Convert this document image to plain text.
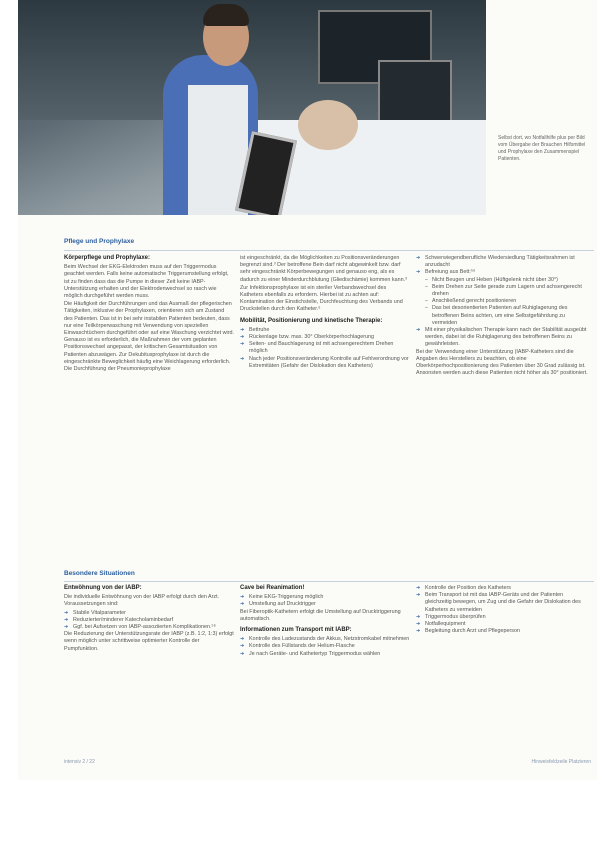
Selbst dort, wo Notfallhilfe plus per Bild vom Übergabe der Brauchen Hilfsmittel und Prophylaxe den Zusammenspiel Patienten.
Pflege und Prophylaxe
Körperpflege und Prophylaxe:

Beim Wechsel der EKG-Elektroden muss auf den Triggermodus geachtet werden. Falls keine automatische Triggerumstellung erfolgt, ist zu finden dass das die Pumpe in dieser Zeit keine IABP-Unterstützung erhalten und der Elektrodenwechsel so rasch wie möglich durchgeführt werden muss.

Die Häufigkeit der Durchführungen und das Ausmaß der pflegerischen Tätigkeiten, inklusive der Prophylaxen, orientieren sich am Zustand des Patienten. Das ist in bei sehr instabilen Patienten bedeuten, dass nur eine Teilkörperwaschung mit Verwendung von speziellen Einwaschtüchern durchgeführt oder auf eine Waschung verzichtet wird. Genauso ist es erforderlich, die Maßnahmen der vom geplanten Positionswechsel angepasst, der kritischen Gesamtsituation von Patienten abzuwägen. Zur Dekubitusprophylaxe ist durch die eingeschränkte Beweglichkeit häufig eine Weichlagerung erforderlich. Die Durchführung der Pneumonieprophylaxe

ist eingeschränkt, da die Möglichkeiten zu Positionsveränderungen begrenzt sind.³ Der betroffene Bein darf nicht abgewinkelt bzw. darf sehr eingeschränkt Körperbewegungen und genauso eng, als es dadurch zu einer Minderdurchblutung (Gliedischämie) kommen kann.³

Zur Infektionsprophylaxe ist ein steriler Verbandswechsel des Katheters ebenfalls zu erfordern. Hierbei ist zu achten auf: Kontamination der Einstichstelle, Durchfeuchtung des Verbands und Druckstellen durch den Katheter.⁶

Mobilität, Positionierung und kinetische Therapie:
➜ Bettruhe
➜ Rückenlage bzw. max. 30° Oberkörperhochlagerung
➜ Seiten- und Bauchlagerung ist mit achsengerechtem Drehen möglich
➜ Nach jeder Positionsveränderung Kontrolle auf Fehlverordnung vor Extremitäten (Gefahr der Dislokation des Katheters)
➜ Schwerwiegendberufliche Wiedersiedlung Tätigkeitsrahmen ist anzudacht
➜ Befreiung aus Bett:⁵⁶
– Nicht Beugen und Heben (Hüftgelenk nicht über 30°)
– Beim Drehen zur Seite gerade zum Lagern und achsengerecht drehen
– Anschließend gerecht positionieren
– Das bei desorientierten Patienten auf Ruhiglagerung des betroffenen Beins achten, um eine Selbstgefährdung zu vermeiden
➜ Mit einer physikalischen Therapie kann nach der Stabilität ausgeübt werden, dabei ist die Ruhiglagerung des betroffenen Beins zu gewährleisten.

Bei der Verwendung einer Unterstützung (IABP-Katheters sind die Angaben des Herstellers zu beachten, ob eine Oberkörperhochpositionierung des Patienten über 30 Grad zulässig ist. Ansonsten werden auch diese Patienten nicht höher als 30° positioniert.

Besondere Situationen
Entwöhnung von der IABP:

Die individuelle Entwöhnung von der IABP erfolgt durch den Arzt. Voraussetzungen sind:

➜ Stabile Vitalparameter
➜ Reduzierter/minderer Katecholaminbedarf
➜ Ggf. bei Aufsetzen von IABP-assoziierten Komplikationen.⁵⁶

Die Reduzierung der Unterstützungsrate der IABP (z.B. 1:2, 1:3) erfolgt wenn möglich unter schrittweise optimierter Kontrolle der Pumpfunktion.

Cave bei Reanimation!
➜ Keine EKG-Triggerung möglich
➜ Umstellung auf Drucktrigger

Bei Fiberoptik-Kathetern erfolgt die Umstellung auf Drucktriggerung automatisch.

Informationen zum Transport mit IABP:
➜ Kontrolle des Ladezustands der Akkus, Netzstromkabel mitnehmen
➜ Kontrolle des Füllstands der Helium-Flasche
➜ Je nach Geräte- und Kathetertyp Triggermodus wählen
➜ Kontrolle der Position des Katheters
➜ Beim Transport ist mit das IABP-Geräts und der Patienten gleichzeitig bewegen, um Zug und die Gefahr der Dislokation des Katheters zu vermeiden
➜ Triggermodus überprüfen
➜ Notfallequipment
➜ Begleitung durch Arzt und Pflegeperson
intensiv 2 / 22	Hinweisfeldzeile Platzieren
